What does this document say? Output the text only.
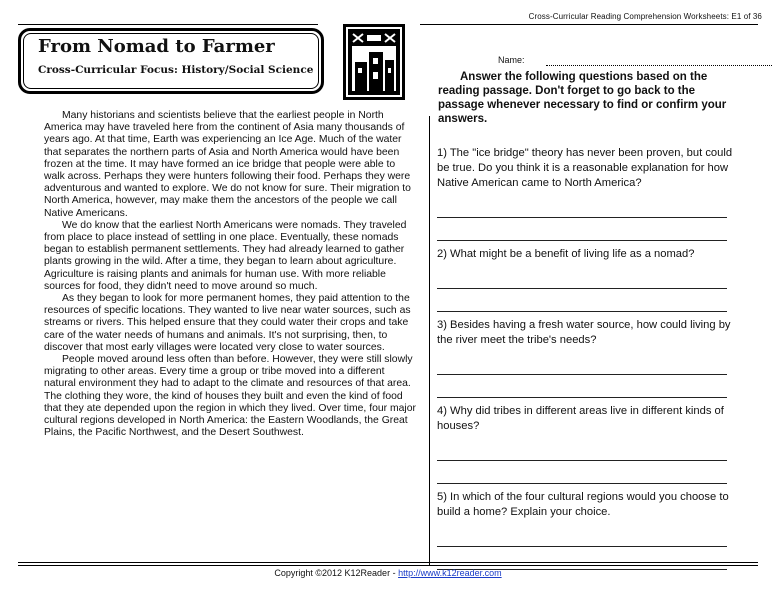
Cross-Curricular Reading Comprehension Worksheets: E1 of 36
From Nomad to Farmer
Cross-Curricular Focus: History/Social Science
Name:
Answer the following questions based on the reading passage. Don't forget to go back to the passage whenever necessary to find or confirm your answers.

Many historians and scientists believe that the earliest people in North America may have traveled here from the continent of Asia many thousands of years ago. At that time, Earth was experiencing an Ice Age. Much of the water that separates the northern parts of Asia and North America would have been frozen at the time. It may have formed an ice bridge that people were able to walk across. Perhaps they were hunters following their food. Perhaps they were adventurous and wanted to explore. We do not know for sure. Their migration to North America, however, may make them the ancestors of the people we call Native Americans.

We do know that the earliest North Americans were nomads. They traveled from place to place instead of settling in one place. Eventually, these nomads began to establish permanent settlements. They had already learned to gather plants growing in the wild. After a time, they began to learn about agriculture. Agriculture is raising plants and animals for human use. With more reliable sources for food, they didn't need to move around so much.

As they began to look for more permanent homes, they paid attention to the resources of specific locations. They wanted to live near water sources, such as streams or rivers. This helped ensure that they could water their crops and take care of the water needs of humans and animals. It's not surprising, then, to discover that most early villages were located very close to water sources.

People moved around less often than before. However, they were still slowly migrating to other areas. Every time a group or tribe moved into a different natural environment they had to adapt to the climate and resources of that area. The clothing they wore, the kind of houses they built and even the kind of food that they ate depended upon the region in which they lived. Over time, four major cultural regions developed in North America: the Eastern Woodlands, the Great Plains, the Pacific Northwest, and the Desert Southwest.

1) The "ice bridge" theory has never been proven, but could be true. Do you think it is a reasonable explanation for how Native American came to North America?
2) What might be a benefit of living life as a nomad?
3) Besides having a fresh water source, how could living by the river meet the tribe's needs?
4) Why did tribes in different areas live in different kinds of houses?
5) In which of the four cultural regions would you choose to build a home? Explain your choice.
Copyright ©2012 K12Reader - http://www.k12reader.com
